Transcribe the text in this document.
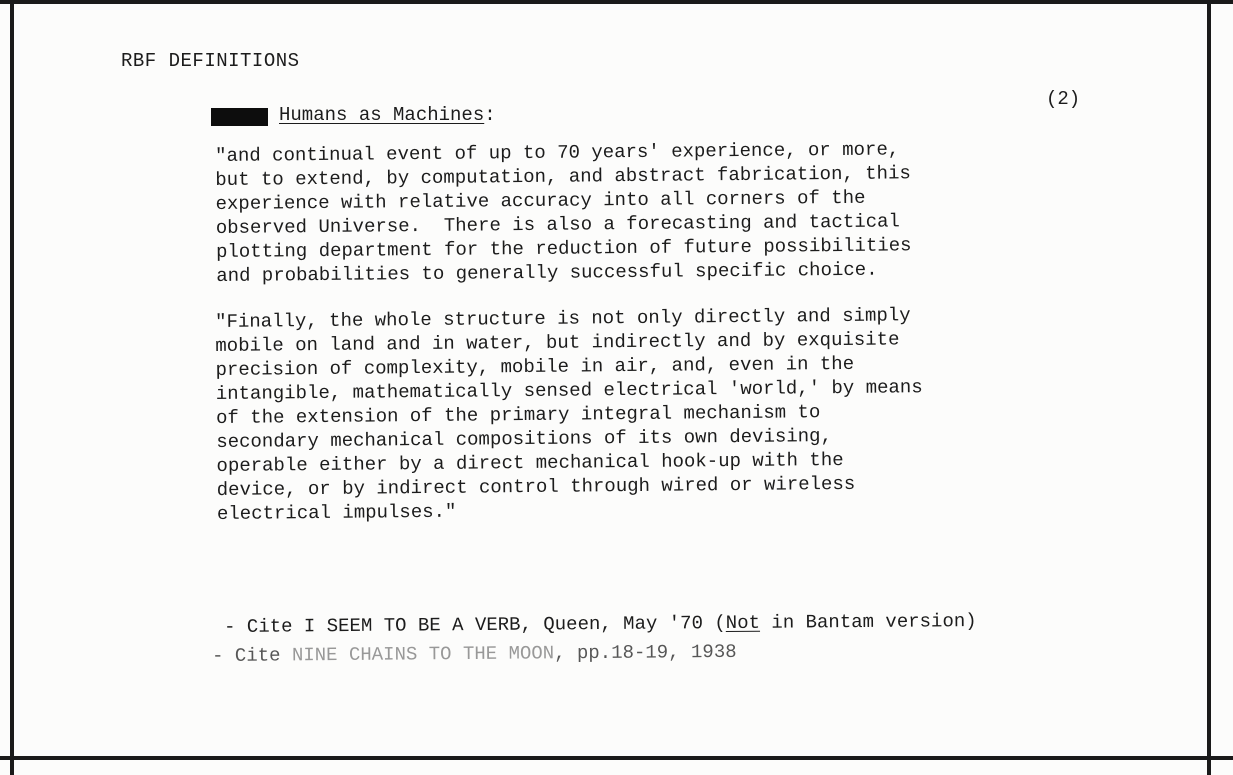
RBF DEFINITIONS
(2)
Humans as Machines:
"and continual event of up to 70 years' experience, or more,
but to extend, by computation, and abstract fabrication, this
experience with relative accuracy into all corners of the
observed Universe.  There is also a forecasting and tactical
plotting department for the reduction of future possibilities
and probabilities to generally successful specific choice.
"Finally, the whole structure is not only directly and simply
mobile on land and in water, but indirectly and by exquisite
precision of complexity, mobile in air, and, even in the
intangible, mathematically sensed electrical 'world,' by means
of the extension of the primary integral mechanism to
secondary mechanical compositions of its own devising,
operable either by a direct mechanical hook-up with the
device, or by indirect control through wired or wireless
electrical impulses."
- Cite I SEEM TO BE A VERB, Queen, May '70 (Not in Bantam version)
- Cite NINE CHAINS TO THE MOON, pp.18-19, 1938
